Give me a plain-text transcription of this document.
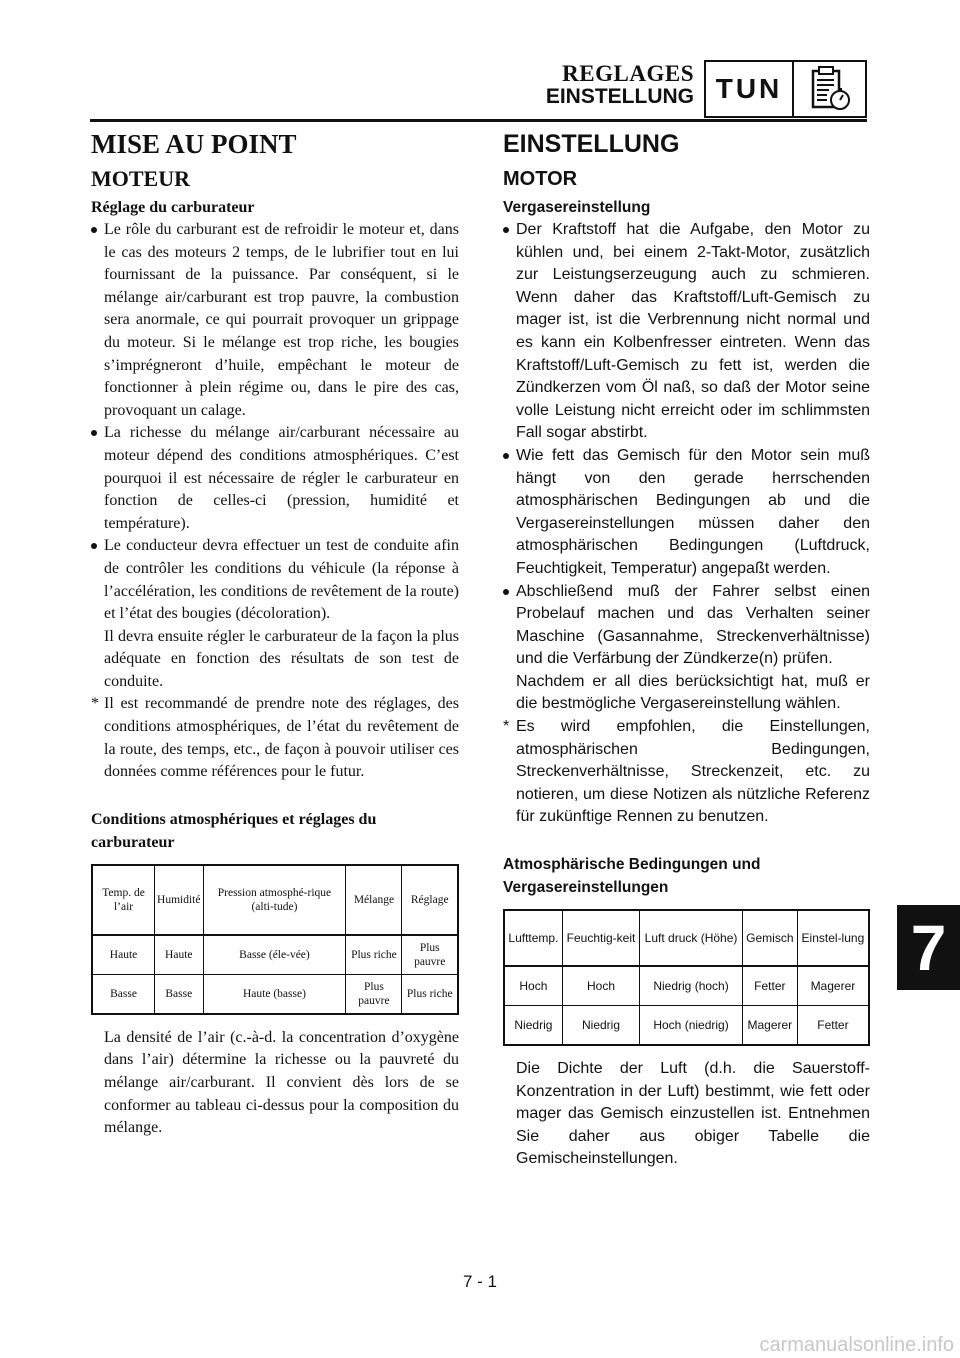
REGLAGES
EINSTELLUNG TUN
MISE AU POINT
MOTEUR
Réglage du carburateur

Le rôle du carburant est de refroidir le moteur et, dans le cas des moteurs 2 temps, de le lubrifier tout en lui fournissant de la puissance. Par conséquent, si le mélange air/carburant est trop pauvre, la combustion sera anormale, ce qui pourrait provoquer un grippage du moteur. Si le mélange est trop riche, les bougies s’imprégneront d’huile, empêchant le moteur de fonctionner à plein régime ou, dans le pire des cas, provoquant un calage.

La richesse du mélange air/carburant nécessaire au moteur dépend des conditions atmosphériques. C’est pourquoi il est nécessaire de régler le carburateur en fonction de celles-ci (pression, humidité et température).

Le conducteur devra effectuer un test de conduite afin de contrôler les conditions du véhicule (la réponse à l’accélération, les conditions de revêtement de la route) et l’état des bougies (décoloration).

Il devra ensuite régler le carburateur de la façon la plus adéquate en fonction des résultats de son test de conduite.

* Il est recommandé de prendre note des réglages, des conditions atmosphériques, de l’état du revêtement de la route, des temps, etc., de façon à pouvoir utiliser ces données comme références pour le futur.

Conditions atmosphériques et réglages du carburateur
Temp. de l’air	Humidité	Pression atmosphé-rique (alti-tude)	Mélange	Réglage
Haute	Haute	Basse (éle-vée)	Plus riche	Plus pauvre
Basse	Basse	Haute (basse)	Plus pauvre	Plus riche

La densité de l’air (c.-à-d. la concentration d’oxygène dans l’air) détermine la richesse ou la pauvreté du mélange air/carburant. Il convient dès lors de se conformer au tableau ci-dessus pour la composition du mélange.

EINSTELLUNG
MOTOR
Vergasereinstellung

Der Kraftstoff hat die Aufgabe, den Motor zu kühlen und, bei einem 2-Takt-Motor, zusätzlich zur Leistungserzeugung auch zu schmieren. Wenn daher das Kraftstoff/Luft-Gemisch zu mager ist, ist die Verbrennung nicht normal und es kann ein Kolbenfresser eintreten. Wenn das Kraftstoff/Luft-Gemisch zu fett ist, werden die Zündkerzen vom Öl naß, so daß der Motor seine volle Leistung nicht erreicht oder im schlimmsten Fall sogar abstirbt.

Wie fett das Gemisch für den Motor sein muß hängt von den gerade herrschenden atmosphärischen Bedingungen ab und die Vergasereinstellungen müssen daher den atmosphärischen Bedingungen (Luftdruck, Feuchtigkeit, Temperatur) angepaßt werden.

Abschließend muß der Fahrer selbst einen Probelauf machen und das Verhalten seiner Maschine (Gasannahme, Streckenverhältnisse) und die Verfärbung der Zündkerze(n) prüfen.

Nachdem er all dies berücksichtigt hat, muß er die bestmögliche Vergasereinstellung wählen.

* Es wird empfohlen, die Einstellungen, atmosphärischen Bedingungen, Streckenverhältnisse, Streckenzeit, etc. zu notieren, um diese Notizen als nützliche Referenz für zukünftige Rennen zu benutzen.

Atmosphärische Bedingungen und Vergasereinstellungen
Lufttemp.	Feuchtig-keit	Luft druck (Höhe)	Gemisch	Einstel-lung
Hoch	Hoch	Niedrig (hoch)	Fetter	Magerer
Niedrig	Niedrig	Hoch (niedrig)	Magerer	Fetter

Die Dichte der Luft (d.h. die Sauerstoff-Konzentration in der Luft) bestimmt, wie fett oder mager das Gemisch einzustellen ist. Entnehmen Sie daher aus obiger Tabelle die Gemischeinstellungen.

7
7 - 1
carmanualsonline.info
